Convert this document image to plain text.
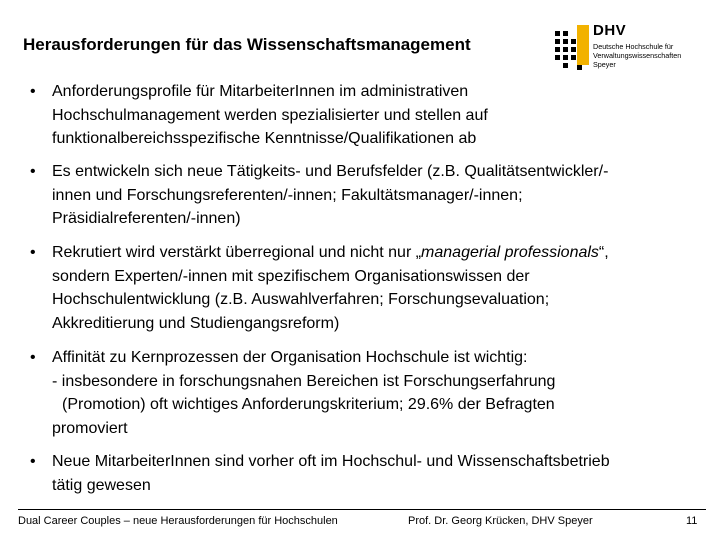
Herausforderungen für das Wissenschaftsmanagement
DHV
Deutsche Hochschule für
Verwaltungswissenschaften
Speyer
• Anforderungsprofile für MitarbeiterInnen im administrativen
Hochschulmanagement werden spezialisierter und stellen auf
funktionalbereichsspezifische Kenntnisse/Qualifikationen ab
• Es entwickeln sich neue Tätigkeits- und Berufsfelder (z.B. Qualitätsentwickler/-
innen und Forschungsreferenten/-innen; Fakultätsmanager/-innen;
Präsidialreferenten/-innen)
• Rekrutiert wird verstärkt überregional und nicht nur „managerial professionals“,
sondern Experten/-innen mit spezifischem Organisationswissen der
Hochschulentwicklung (z.B. Auswahlverfahren; Forschungsevaluation;
Akkreditierung und Studiengangsreform)
• Affinität zu Kernprozessen der Organisation Hochschule ist wichtig:
- insbesondere in forschungsnahen Bereichen ist Forschungserfahrung
(Promotion) oft wichtiges Anforderungskriterium; 29.6% der Befragten
promoviert
• Neue MitarbeiterInnen sind vorher oft im Hochschul- und Wissenschaftsbetrieb
tätig gewesen
Dual Career Couples – neue Herausforderungen für Hochschulen	Prof. Dr. Georg Krücken, DHV Speyer	11
